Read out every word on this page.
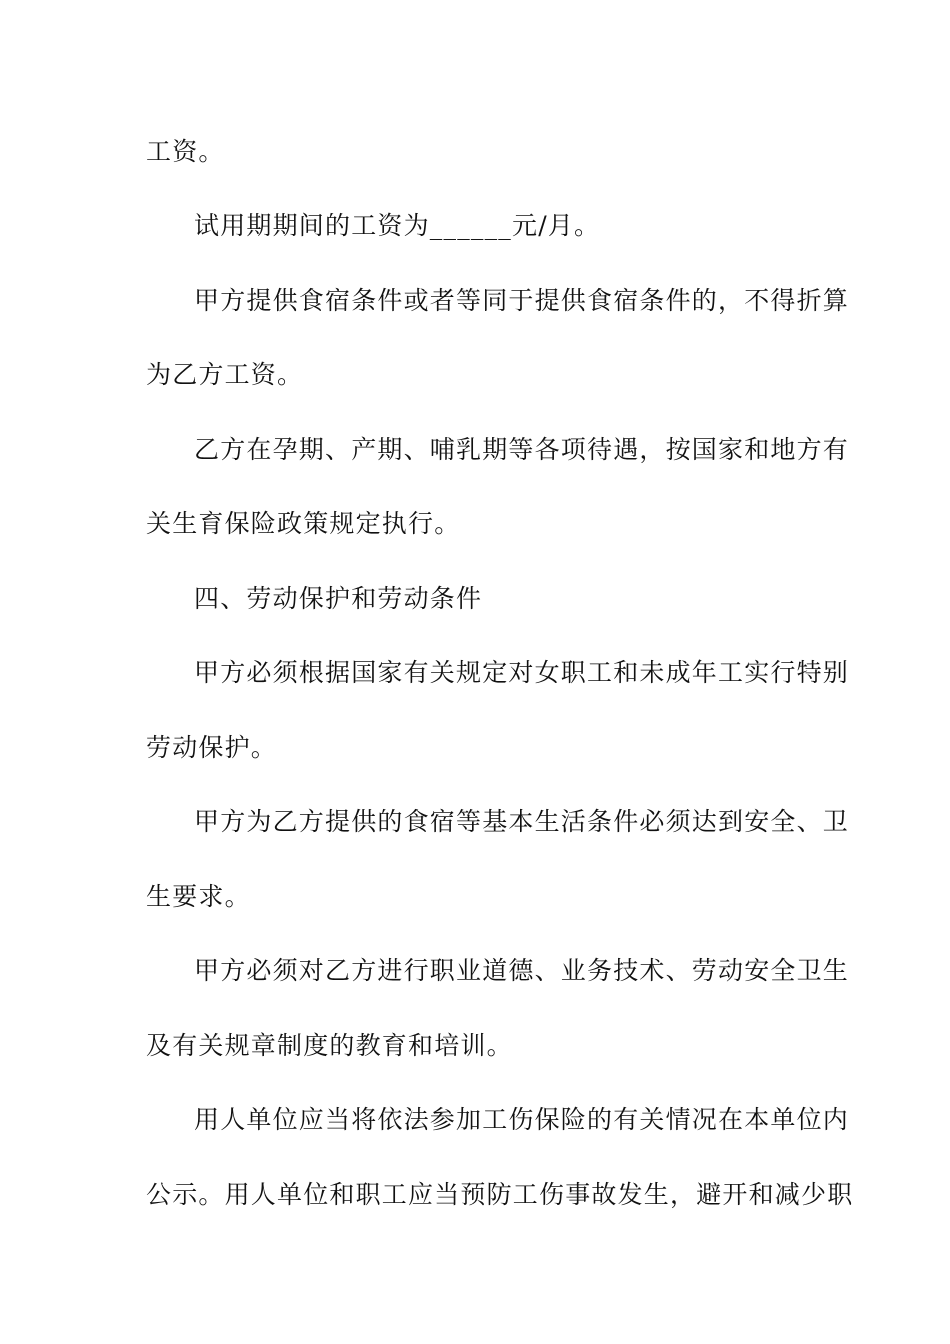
工资。
试用期期间的工资为______元/月。
甲方提供食宿条件或者等同于提供食宿条件的，不得折算
为乙方工资。
乙方在孕期、产期、哺乳期等各项待遇，按国家和地方有
关生育保险政策规定执行。
四、劳动保护和劳动条件
甲方必须根据国家有关规定对女职工和未成年工实行特别
劳动保护。
甲方为乙方提供的食宿等基本生活条件必须达到安全、卫
生要求。
甲方必须对乙方进行职业道德、业务技术、劳动安全卫生
及有关规章制度的教育和培训。
用人单位应当将依法参加工伤保险的有关情况在本单位内
公示。用人单位和职工应当预防工伤事故发生，避开和减少职
